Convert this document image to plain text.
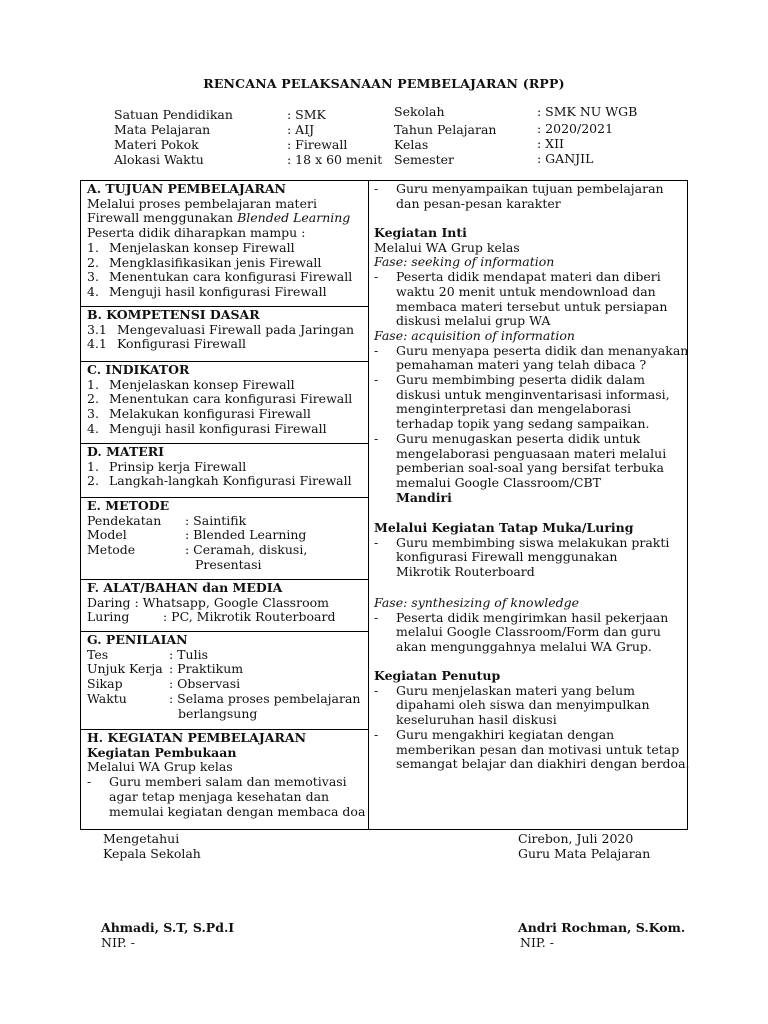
RENCANA PELAKSANAAN PEMBELAJARAN (RPP)
Satuan Pendidikan	: SMK
Mata Pelajaran	: AIJ
Materi Pokok	: Firewall
Alokasi Waktu	: 18 x 60 menit
Sekolah	: SMK NU WGB
Tahun Pelajaran	: 2020/2021
Kelas	: XII
Semester	: GANJIL
A. TUJUAN PEMBELAJARAN
Melalui proses pembelajaran materi
Firewall menggunakan Blended Learning
Peserta didik diharapkan mampu :
1. Menjelaskan konsep Firewall
2. Mengklasifikasikan jenis Firewall
3. Menentukan cara konfigurasi Firewall
4. Menguji hasil konfigurasi Firewall
B. KOMPETENSI DASAR
3.1 Mengevaluasi Firewall pada Jaringan
4.1 Konfigurasi Firewall
C. INDIKATOR
1. Menjelaskan konsep Firewall
2. Menentukan cara konfigurasi Firewall
3. Melakukan konfigurasi Firewall
4. Menguji hasil konfigurasi Firewall
D. MATERI
1. Prinsip kerja Firewall
2. Langkah-langkah Konfigurasi Firewall
E. METODE
Pendekatan : Saintifik
Model	: Blended Learning
Metode	: Ceramah, diskusi,
Presentasi
F. ALAT/BAHAN dan MEDIA
Daring : Whatsapp, Google Classroom
Luring	: PC, Mikrotik Routerboard
G. PENILAIAN
Tes	: Tulis
Unjuk Kerja : Praktikum
Sikap	: Observasi
Waktu	: Selama proses pembelajaran
berlangsung
H. KEGIATAN PEMBELAJARAN
Kegiatan Pembukaan
Melalui WA Grup kelas
- Guru memberi salam dan memotivasi
agar tetap menjaga kesehatan dan
memulai kegiatan dengan membaca doa
- Guru menyampaikan tujuan pembelajaran
dan pesan-pesan karakter
Kegiatan Inti
Melalui WA Grup kelas
Fase: seeking of information
- Peserta didik mendapat materi dan diberi
waktu 20 menit untuk mendownload dan
membaca materi tersebut untuk persiapan
diskusi melalui grup WA
Fase: acquisition of information
- Guru menyapa peserta didik dan menanyakan
pemahaman materi yang telah dibaca ?
- Guru membimbing peserta didik dalam
diskusi untuk menginventarisasi informasi,
menginterpretasi dan mengelaborasi
terhadap topik yang sedang sampaikan.
- Guru menugaskan peserta didik untuk
mengelaborasi penguasaan materi melalui
pemberian soal-soal yang bersifat terbuka
memalui Google Classroom/CBT
Mandiri
Melalui Kegiatan Tatap Muka/Luring
- Guru membimbing siswa melakukan prakti
konfigurasi Firewall menggunakan
Mikrotik Routerboard
Fase: synthesizing of knowledge
- Peserta didik mengirimkan hasil pekerjaan
melalui Google Classroom/Form dan guru
akan mengunggahnya melalui WA Grup.
Kegiatan Penutup
- Guru menjelaskan materi yang belum
dipahami oleh siswa dan menyimpulkan
keseluruhan hasil diskusi
- Guru mengakhiri kegiatan dengan
memberikan pesan dan motivasi untuk tetap
semangat belajar dan diakhiri dengan berdoa.
Mengetahui
Kepala Sekolah
Cirebon, Juli 2020
Guru Mata Pelajaran
Ahmadi, S.T, S.Pd.I
NIP. -
Andri Rochman, S.Kom.
NIP. -
